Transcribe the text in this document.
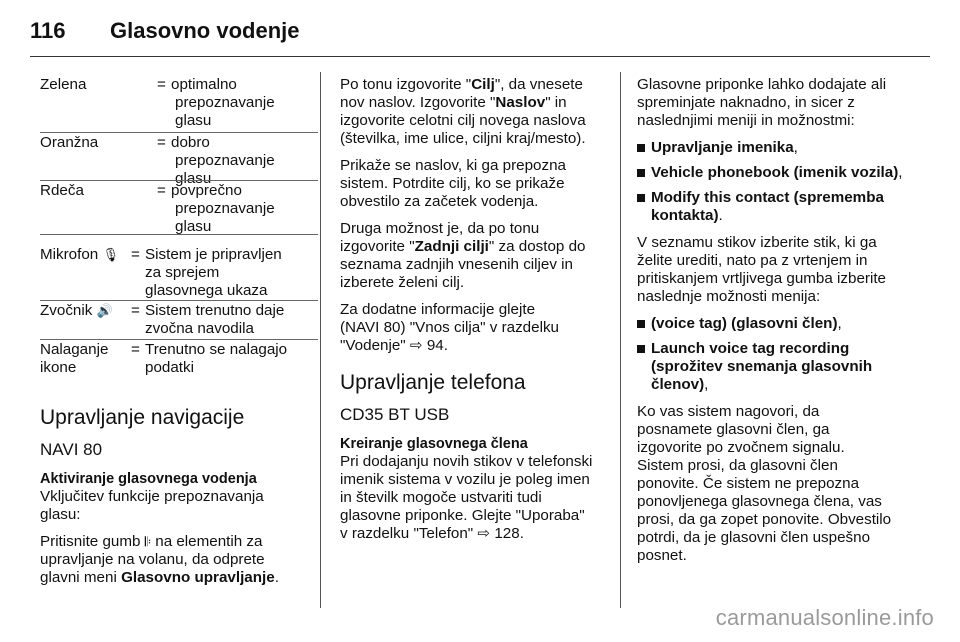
116 Glasovno vodenje
Zelena	= optimalno
prepoznavanje
glasu
Oranžna	= dobro
prepoznavanje
glasu
Rdeča	= povprečno
prepoznavanje
glasu
Mikrofon 🎙 = Sistem je pripravljen
za sprejem
glasovnega ukaza
Zvočnik 🔊 = Sistem trenutno daje
zvočna navodila
Nalaganje
ikone
= Trenutno se nalagajo
podatki
Upravljanje navigacije
NAVI 80
Aktiviranje glasovnega vodenja

Vključitev funkcije prepoznavanja
glasu:

Pritisnite gumb 𝄆 na elementih za
upravljanje na volanu, da odprete
glavni meni Glasovno upravljanje.

Po tonu izgovorite "Cilj", da vnesete
nov naslov. Izgovorite "Naslov" in
izgovorite celotni cilj novega naslova
(številka, ime ulice, ciljni kraj/mesto).

Prikaže se naslov, ki ga prepozna
sistem. Potrdite cilj, ko se prikaže
obvestilo za začetek vodenja.

Druga možnost je, da po tonu
izgovorite "Zadnji cilji" za dostop do
seznama zadnjih vnesenih ciljev in
izberete želeni cilj.

Za dodatne informacije glejte
(NAVI 80) "Vnos cilja" v razdelku
"Vodenje" ⇨ 94.

Upravljanje telefona
CD35 BT USB
Kreiranje glasovnega člena

Pri dodajanju novih stikov v telefonski
imenik sistema v vozilu je poleg imen
in številk mogoče ustvariti tudi
glasovne priponke. Glejte "Uporaba"
v razdelku "Telefon" ⇨ 128.

Glasovne priponke lahko dodajate ali
spreminjate naknadno, in sicer z
naslednjimi meniji in možnostmi:

Upravljanje imenika,
Vehicle phonebook (imenik vozila),
Modify this contact (sprememba
kontakta).

V seznamu stikov izberite stik, ki ga
želite urediti, nato pa z vrtenjem in
pritiskanjem vrtljivega gumba izberite
naslednje možnosti menija:

(voice tag) (glasovni člen),
Launch voice tag recording
(sprožitev snemanja glasovnih
členov),

Ko vas sistem nagovori, da
posnamete glasovni člen, ga
izgovorite po zvočnem signalu.
Sistem prosi, da glasovni člen
ponovite. Če sistem ne prepozna
ponovljenega glasovnega člena, vas
prosi, da ga zopet ponovite. Obvestilo
potrdi, da je glasovni člen uspešno
posnet.

carmanualsonline.info
